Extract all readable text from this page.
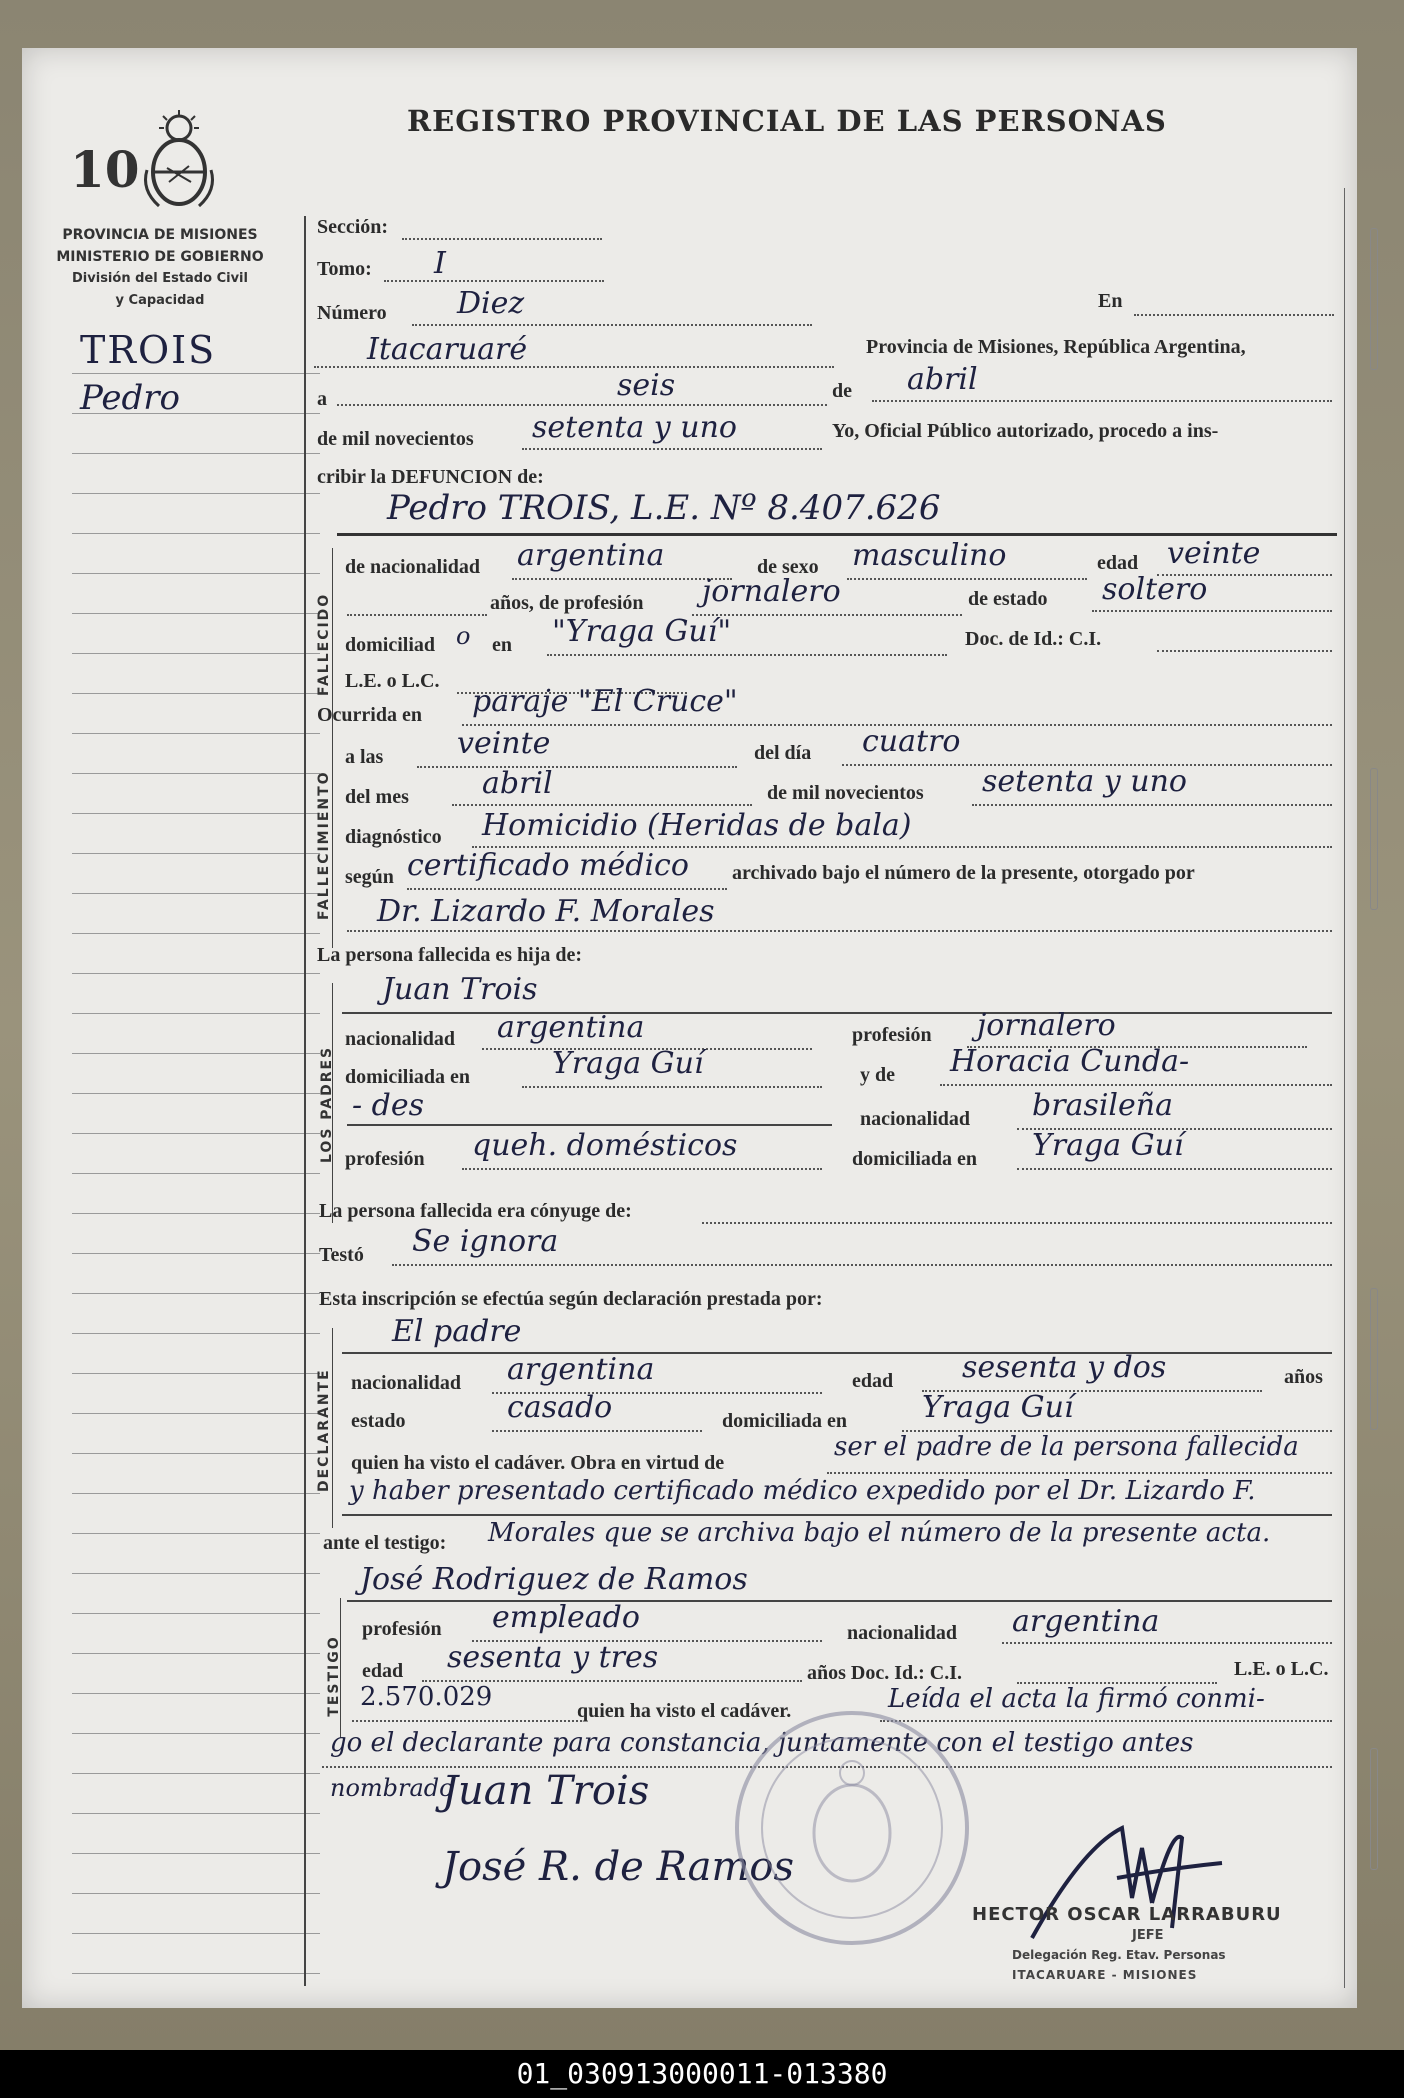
REGISTRO PROVINCIAL DE LAS PERSONAS
10
PROVINCIA DE MISIONES
MINISTERIO DE GOBIERNO
División del Estado Civil
y Capacidad
TROIS
Pedro
Sección:
Tomo: I
Número Diez	En
Itacaruaré	Provincia de Misiones, República Argentina,
a	seis	de abril
de mil novecientos setenta y uno	Yo, Oficial Público autorizado, procedo a ins-
cribir la DEFUNCION de:
Pedro TROIS, L.E. Nº 8.407.626
FALLECIDO
de nacionalidad argentina	de sexo masculino	edad veinte
años, de profesión jornalero	de estado soltero
domiciliad o en "Yraga Guí"	Doc. de Id.: C.I.
L.E. o L.C.
Ocurrida en paraje "El Cruce"
FALLECIMIENTO
a las veinte	del día cuatro
del mes abril	de mil novecientos setenta y uno
diagnóstico Homicidio (Heridas de bala)
según certificado médico archivado bajo el número de la presente, otorgado por
Dr. Lizardo F. Morales
La persona fallecida es hija de:
Juan Trois
LOS PADRES
nacionalidad argentina	profesión jornalero
domiciliada en	Yraga Guí	y de Horacia Cunda-
- des	nacionalidad brasileña
profesión queh. domésticos	domiciliada en Yraga Guí
La persona fallecida era cónyuge de:
Testó Se ignora
Esta inscripción se efectúa según declaración prestada por:
El padre
DECLARANTE nacionalidad argentina	edad sesenta y dos	años
estado	casado	domiciliada en Yraga Guí
quien ha visto el cadáver. Obra en virtud de
ser el padre de la persona fallecida
y haber presentado certificado médico expedido por el Dr. Lizardo F.
ante el testigo: Morales que se archiva bajo el número de la presente acta.
José Rodriguez de Ramos
TESTIGO
profesión empleado	nacionalidad argentina
edad sesenta y tres	años Doc. Id.: C.I.	L.E. o L.C.
2.570.029	quien ha visto el cadáver.	Leída el acta la firmó conmi-
go el declarante para constancia, juntamente con el testigo antes
nombrado
Juan Trois
José R. de Ramos
HECTOR OSCAR LARRABURU
JEFE
Delegación Reg. Etav. Personas
ITACARUARE - MISIONES
01_030913000011-013380
